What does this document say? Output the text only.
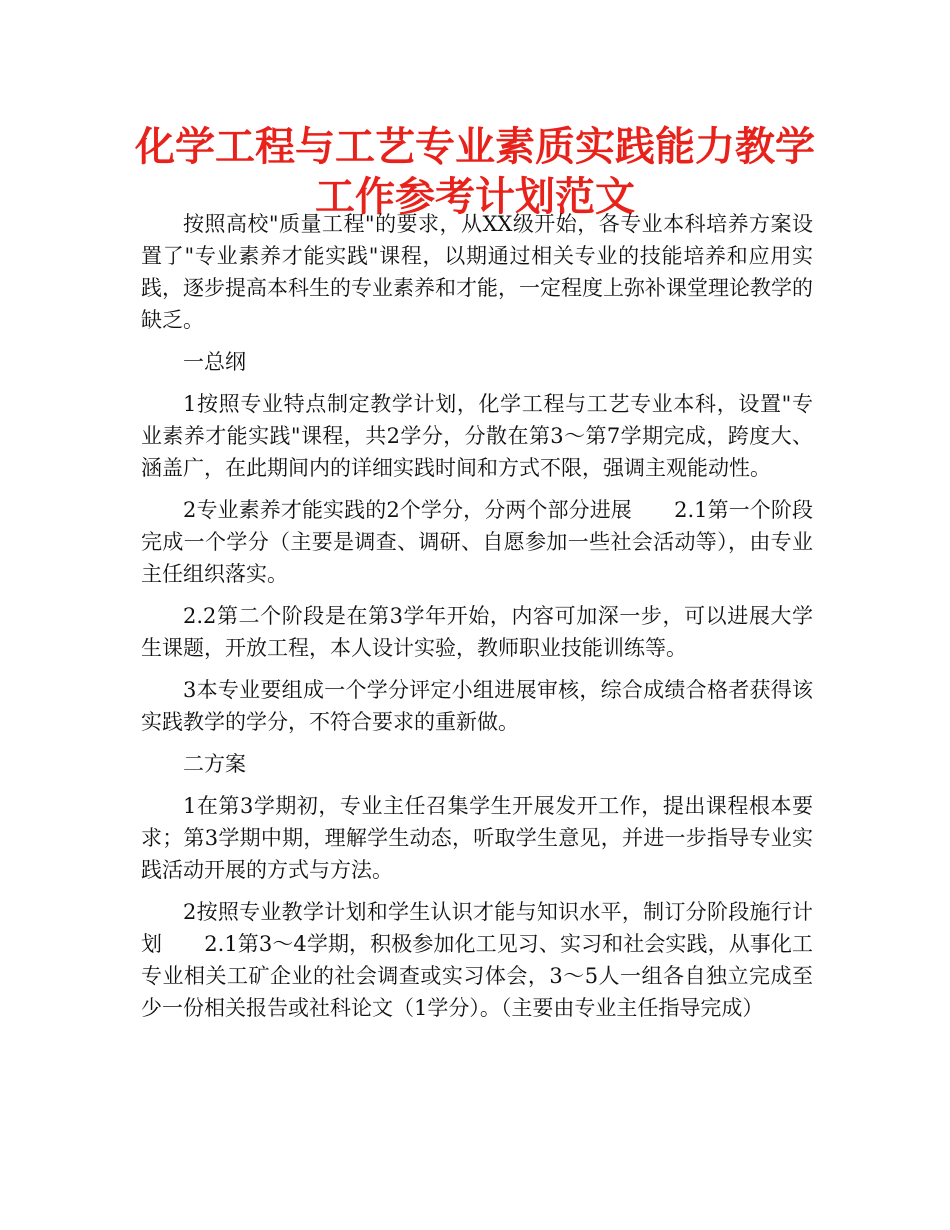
化学工程与工艺专业素质实践能力教学工作参考计划范文

按照高校"质量工程"的要求，从XX级开始，各专业本科培养方案设置了"专业素养才能实践"课程，以期通过相关专业的技能培养和应用实践，逐步提高本科生的专业素养和才能，一定程度上弥补课堂理论教学的缺乏。

一总纲

1按照专业特点制定教学计划，化学工程与工艺专业本科，设置"专业素养才能实践"课程，共2学分，分散在第3～第7学期完成，跨度大、涵盖广，在此期间内的详细实践时间和方式不限，强调主观能动性。

2专业素养才能实践的2个学分，分两个部分进展　　2.1第一个阶段完成一个学分（主要是调查、调研、自愿参加一些社会活动等），由专业主任组织落实。

2.2第二个阶段是在第3学年开始，内容可加深一步，可以进展大学生课题，开放工程，本人设计实验，教师职业技能训练等。

3本专业要组成一个学分评定小组进展审核，综合成绩合格者获得该实践教学的学分，不符合要求的重新做。

二方案

1在第3学期初，专业主任召集学生开展发开工作，提出课程根本要求；第3学期中期，理解学生动态，听取学生意见，并进一步指导专业实践活动开展的方式与方法。

2按照专业教学计划和学生认识才能与知识水平，制订分阶段施行计划　　2.1第3～4学期，积极参加化工见习、实习和社会实践，从事化工专业相关工矿企业的社会调查或实习体会，3～5人一组各自独立完成至少一份相关报告或社科论文（1学分）。（主要由专业主任指导完成）
